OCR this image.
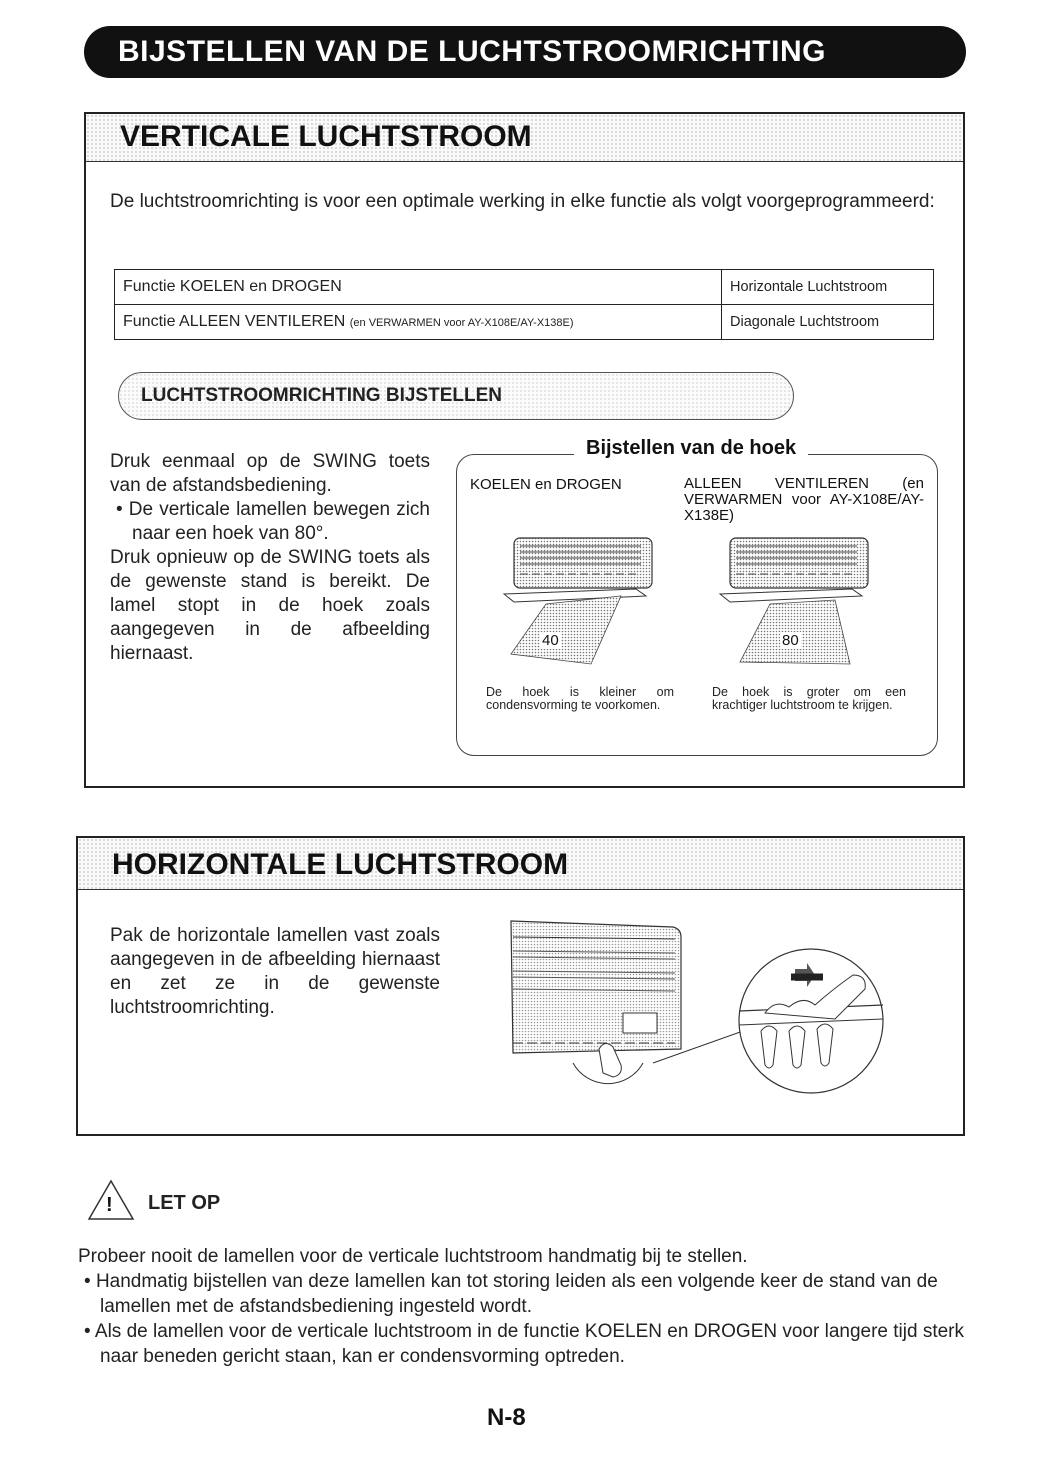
BIJSTELLEN VAN DE LUCHTSTROOMRICHTING
VERTICALE LUCHTSTROOM
De luchtstroomrichting is voor een optimale werking in elke functie als volgt voorgeprogrammeerd:
Functie KOELEN en DROGEN	Horizontale Luchtstroom
Functie ALLEEN VENTILEREN (en VERWARMEN voor AY-X108E/AY-X138E)	Diagonale Luchtstroom
LUCHTSTROOMRICHTING BIJSTELLEN
Druk eenmaal op de SWING toets van de afstandsbediening.
• De verticale lamellen bewegen zich naar een hoek van 80°.
Druk opnieuw op de SWING toets als de gewenste stand is bereikt. De lamel stopt in de hoek zoals aangegeven in de afbeelding hiernaast.
Bijstellen van de hoek
KOELEN en DROGEN	ALLEEN VENTILEREN (en VERWARMEN voor AY-X108E/AY-X138E)
40	80
De hoek is kleiner om condensvorming te voorkomen.
De hoek is groter om een krachtiger luchtstroom te krijgen.
HORIZONTALE LUCHTSTROOM
Pak de horizontale lamellen vast zoals aangegeven in de afbeelding hiernaast en zet ze in de gewenste luchtstroomrichting.
! LET OP

Probeer nooit de lamellen voor de verticale luchtstroom handmatig bij te stellen.

• Handmatig bijstellen van deze lamellen kan tot storing leiden als een volgende keer de stand van de lamellen met de afstandsbediening ingesteld wordt.

• Als de lamellen voor de verticale luchtstroom in de functie KOELEN en DROGEN voor langere tijd sterk naar beneden gericht staan, kan er condensvorming optreden.

N-8
